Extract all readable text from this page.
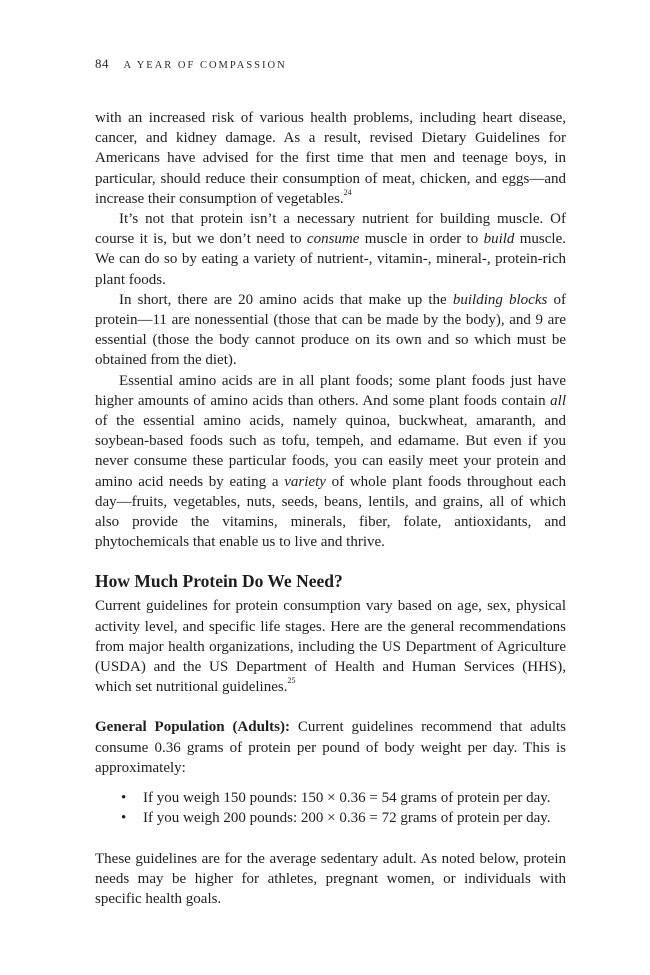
84 A YEAR OF COMPASSION

with an increased risk of various health problems, including heart disease, cancer, and kidney damage. As a result, revised Dietary Guidelines for Americans have advised for the first time that men and teenage boys, in particular, should reduce their consumption of meat, chicken, and eggs—and increase their consumption of vegetables.$^{24}$

It’s not that protein isn’t a necessary nutrient for building muscle. Of course it is, but we don’t need to consume muscle in order to build muscle. We can do so by eating a variety of nutrient-, vitamin-, mineral-, protein-rich plant foods.

In short, there are 20 amino acids that make up the building blocks of protein—11 are nonessential (those that can be made by the body), and 9 are essential (those the body cannot produce on its own and so which must be obtained from the diet).

Essential amino acids are in all plant foods; some plant foods just have higher amounts of amino acids than others. And some plant foods contain all of the essential amino acids, namely quinoa, buckwheat, amaranth, and soybean-based foods such as tofu, tempeh, and edamame. But even if you never consume these particular foods, you can easily meet your protein and amino acid needs by eating a variety of whole plant foods throughout each day—fruits, vegetables, nuts, seeds, beans, lentils, and grains, all of which also provide the vitamins, minerals, fiber, folate, antioxidants, and phytochemicals that enable us to live and thrive.

How Much Protein Do We Need?

Current guidelines for protein consumption vary based on age, sex, physical activity level, and specific life stages. Here are the general recommendations from major health organizations, including the US Department of Agriculture (USDA) and the US Department of Health and Human Services (HHS), which set nutritional guidelines.$^{25}$

General Population (Adults): Current guidelines recommend that adults consume 0.36 grams of protein per pound of body weight per day. This is approximately:

• If you weigh 150 pounds: 150 × 0.36 = 54 grams of protein per day.
• If you weigh 200 pounds: 200 × 0.36 = 72 grams of protein per day.

These guidelines are for the average sedentary adult. As noted below, protein needs may be higher for athletes, pregnant women, or individuals with specific health goals.
